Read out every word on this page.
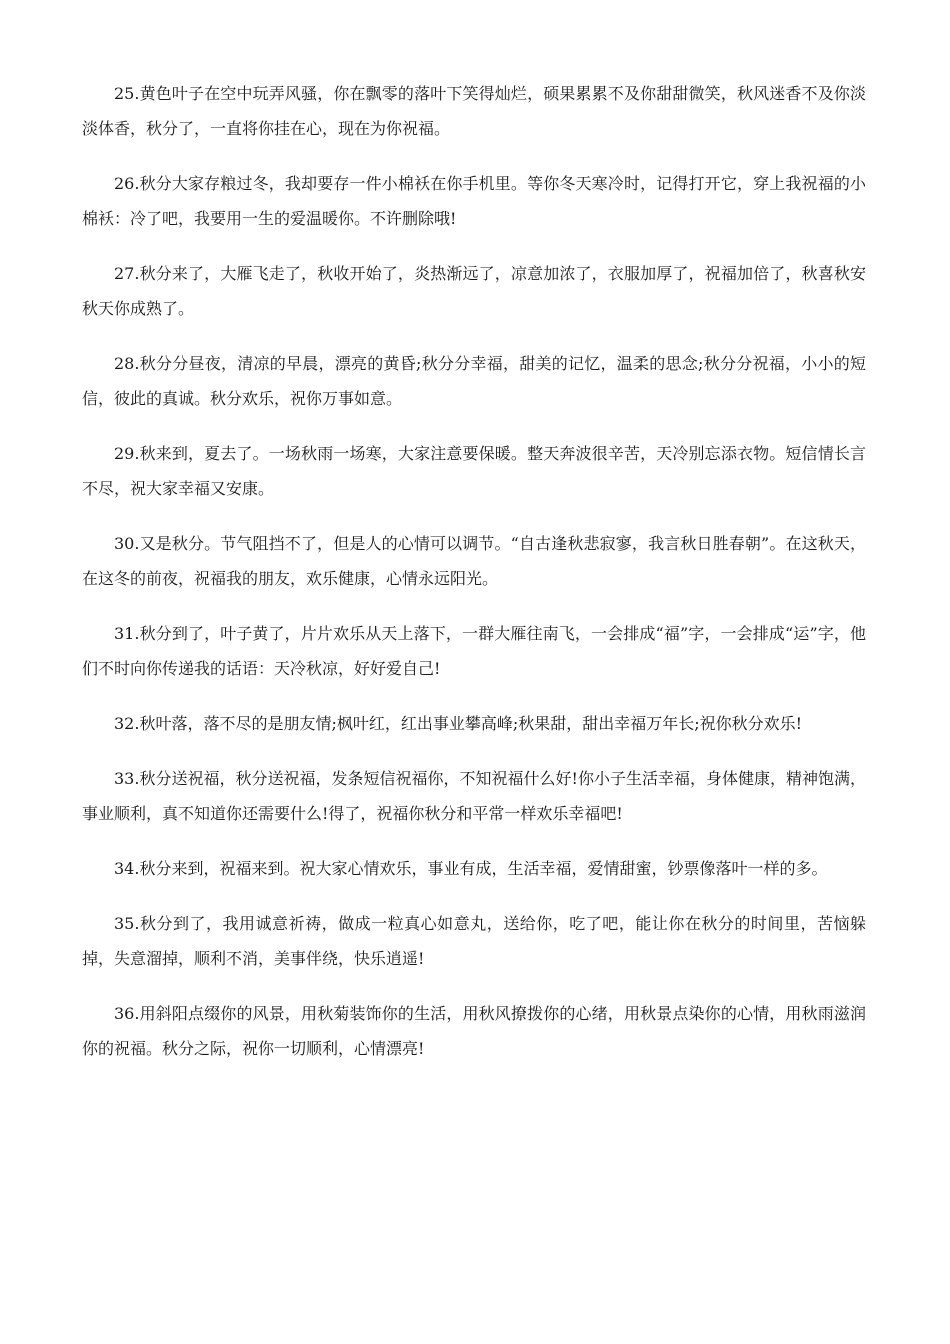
25.黄色叶子在空中玩弄风骚，你在飘零的落叶下笑得灿烂，硕果累累不及你甜甜微笑，秋风迷香不及你淡淡体香，秋分了，一直将你挂在心，现在为你祝福。

26.秋分大家存粮过冬，我却要存一件小棉袄在你手机里。等你冬天寒冷时，记得打开它，穿上我祝福的小棉袄：冷了吧，我要用一生的爱温暖你。不许删除哦!

27.秋分来了，大雁飞走了，秋收开始了，炎热渐远了，凉意加浓了，衣服加厚了，祝福加倍了，秋喜秋安秋天你成熟了。

28.秋分分昼夜，清凉的早晨，漂亮的黄昏;秋分分幸福，甜美的记忆，温柔的思念;秋分分祝福，小小的短信，彼此的真诚。秋分欢乐，祝你万事如意。

29.秋来到，夏去了。一场秋雨一场寒，大家注意要保暖。整天奔波很辛苦，天冷别忘添衣物。短信情长言不尽，祝大家幸福又安康。

30.又是秋分。节气阻挡不了，但是人的心情可以调节。“自古逢秋悲寂寥，我言秋日胜春朝”。在这秋天，在这冬的前夜，祝福我的朋友，欢乐健康，心情永远阳光。

31.秋分到了，叶子黄了，片片欢乐从天上落下，一群大雁往南飞，一会排成“福”字，一会排成“运”字，他们不时向你传递我的话语：天冷秋凉，好好爱自己!

32.秋叶落，落不尽的是朋友情;枫叶红，红出事业攀高峰;秋果甜，甜出幸福万年长;祝你秋分欢乐!

33.秋分送祝福，秋分送祝福，发条短信祝福你，不知祝福什么好!你小子生活幸福，身体健康，精神饱满，事业顺利，真不知道你还需要什么!得了，祝福你秋分和平常一样欢乐幸福吧!

34.秋分来到，祝福来到。祝大家心情欢乐，事业有成，生活幸福，爱情甜蜜，钞票像落叶一样的多。

35.秋分到了，我用诚意祈祷，做成一粒真心如意丸，送给你，吃了吧，能让你在秋分的时间里，苦恼躲掉，失意溜掉，顺利不消，美事伴绕，快乐逍遥!

36.用斜阳点缀你的风景，用秋菊装饰你的生活，用秋风撩拨你的心绪，用秋景点染你的心情，用秋雨滋润你的祝福。秋分之际，祝你一切顺利，心情漂亮!
